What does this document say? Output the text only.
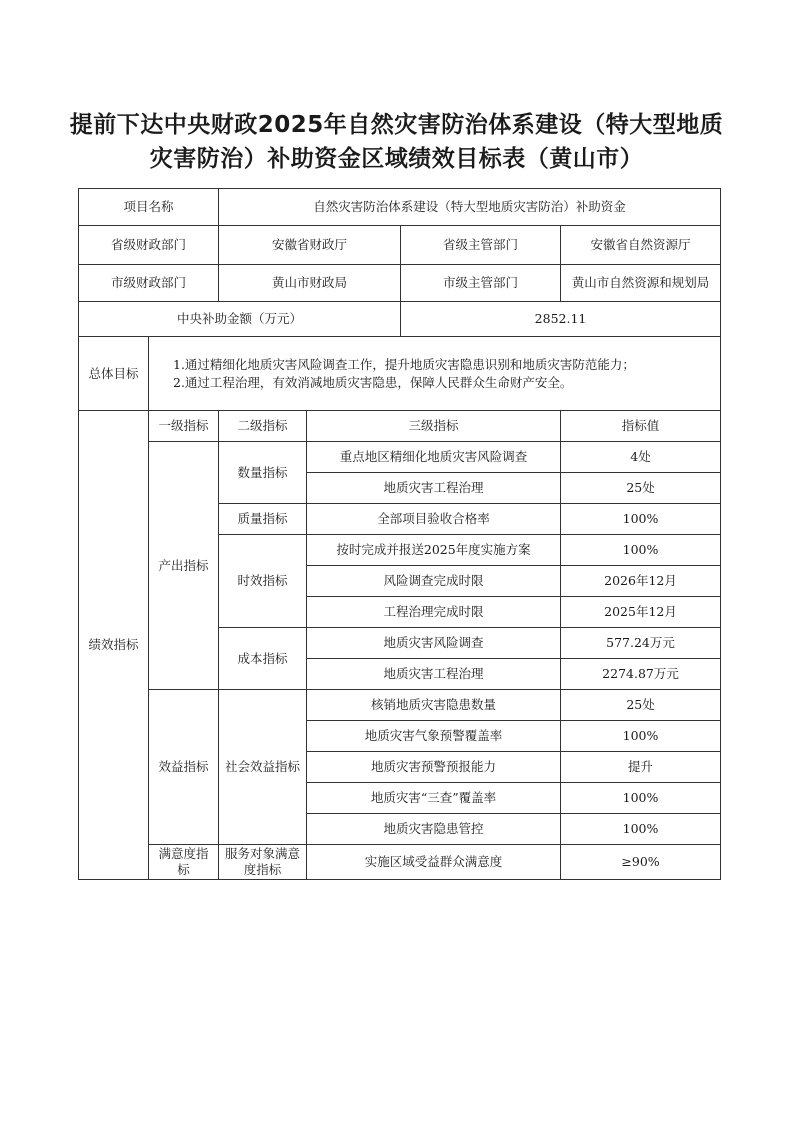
提前下达中央财政2025年自然灾害防治体系建设（特大型地质
灾害防治）补助资金区域绩效目标表（黄山市）
项目名称		自然灾害防治体系建设（特大型地质灾害防治）补助资金			
省级财政部门		安徽省财政厅		省级主管部门	安徽省自然资源厅
市级财政部门		黄山市财政局		市级主管部门	黄山市自然资源和规划局
中央补助金额（万元）				2852.11	
总体目标	1.通过精细化地质灾害风险调查工作，提升地质灾害隐患识别和地质灾害防范能力；
2.通过工程治理，有效消减地质灾害隐患，保障人民群众生命财产安全。				

绩效指标	一级指标	二级指标	三级指标		指标值
	产出指标	数量指标	重点地区精细化地质灾害风险调查		4处
			地质灾害工程治理		25处
		质量指标	全部项目验收合格率		100%
		时效指标	按时完成并报送2025年度实施方案		100%
			风险调查完成时限		2026年12月
			工程治理完成时限		2025年12月
		成本指标	地质灾害风险调查		577.24万元
			地质灾害工程治理		2274.87万元
	效益指标	社会效益指标	核销地质灾害隐患数量		25处
			地质灾害气象预警覆盖率		100%
			地质灾害预警预报能力		提升
			地质灾害“三查”覆盖率		100%
			地质灾害隐患管控		100%
	满意度指标	服务对象满意度指标	实施区域受益群众满意度		≥90%
